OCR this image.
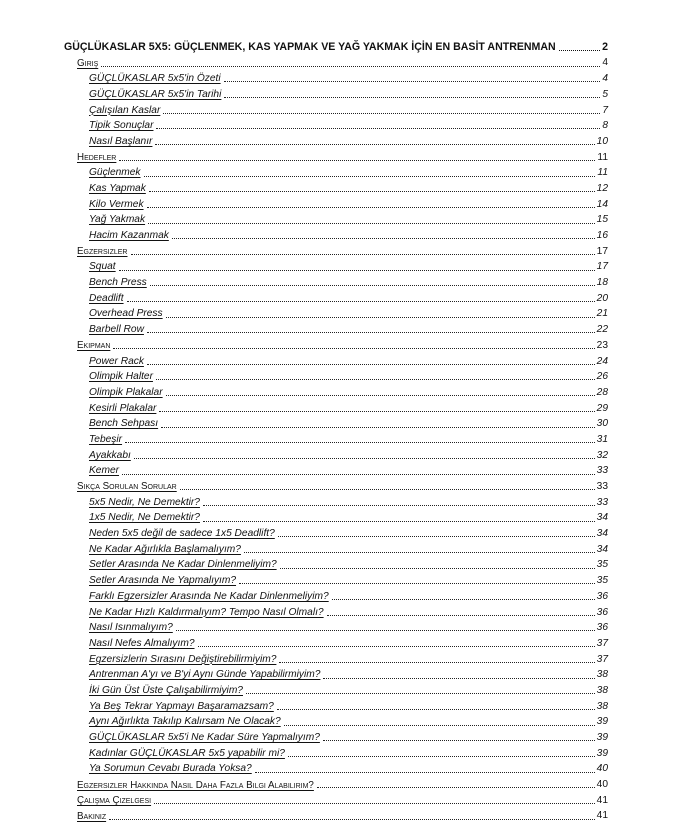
GÜÇLÜKASLAR 5X5: GÜÇLENMEK, KAS YAPMAK VE YAĞ YAKMAK İÇİN EN BASİT ANTRENMAN	2
Giriş	4
GÜÇLÜKASLAR 5x5'in Özeti	4
GÜÇLÜKASLAR 5x5'in Tarihi	5
Çalışılan Kaslar	7
Tipik Sonuçlar	8
Nasıl Başlanır	10
Hedefler	11
Güçlenmek	11
Kas Yapmak	12
Kilo Vermek	14
Yağ Yakmak	15
Hacim Kazanmak	16
Egzersizler	17
Squat	17
Bench Press	18
Deadlift	20
Overhead Press	21
Barbell Row	22
Ekipman	23
Power Rack	24
Olimpik Halter	26
Olimpik Plakalar	28
Kesirli Plakalar	29
Bench Sehpası	30
Tebeşir	31
Ayakkabı	32
Kemer	33
Sıkça Sorulan Sorular	33
5x5 Nedir, Ne Demektir?	33
1x5 Nedir, Ne Demektir?	34
Neden 5x5 değil de sadece 1x5 Deadlift?	34
Ne Kadar Ağırlıkla Başlamalıyım?	34
Setler Arasında Ne Kadar Dinlenmeliyim?	35
Setler Arasında Ne Yapmalıyım?	35
Farklı Egzersizler Arasında Ne Kadar Dinlenmeliyim?	36
Ne Kadar Hızlı Kaldırmalıyım? Tempo Nasıl Olmalı?	36
Nasıl Isınmalıyım?	36
Nasıl Nefes Almalıyım?	37
Egzersizlerin Sırasını Değiştirebilirmiyim?	37
Antrenman A'yı ve B'yi Aynı Günde Yapabilirmiyim?	38
İki Gün Üst Üste Çalışabilirmiyim?	38
Ya Beş Tekrar Yapmayı Başaramazsam?	38
Aynı Ağırlıkta Takılıp Kalırsam Ne Olacak?	39
GÜÇLÜKASLAR 5x5'i Ne Kadar Süre Yapmalıyım?	39
Kadınlar GÜÇLÜKASLAR 5x5 yapabilir mi?	39
Ya Sorumun Cevabı Burada Yoksa?	40
Egzersizler Hakkında Nasıl Daha Fazla Bilgi Alabilirim?	40
Çalışma Çizelgesi	41
Bakınız	41
